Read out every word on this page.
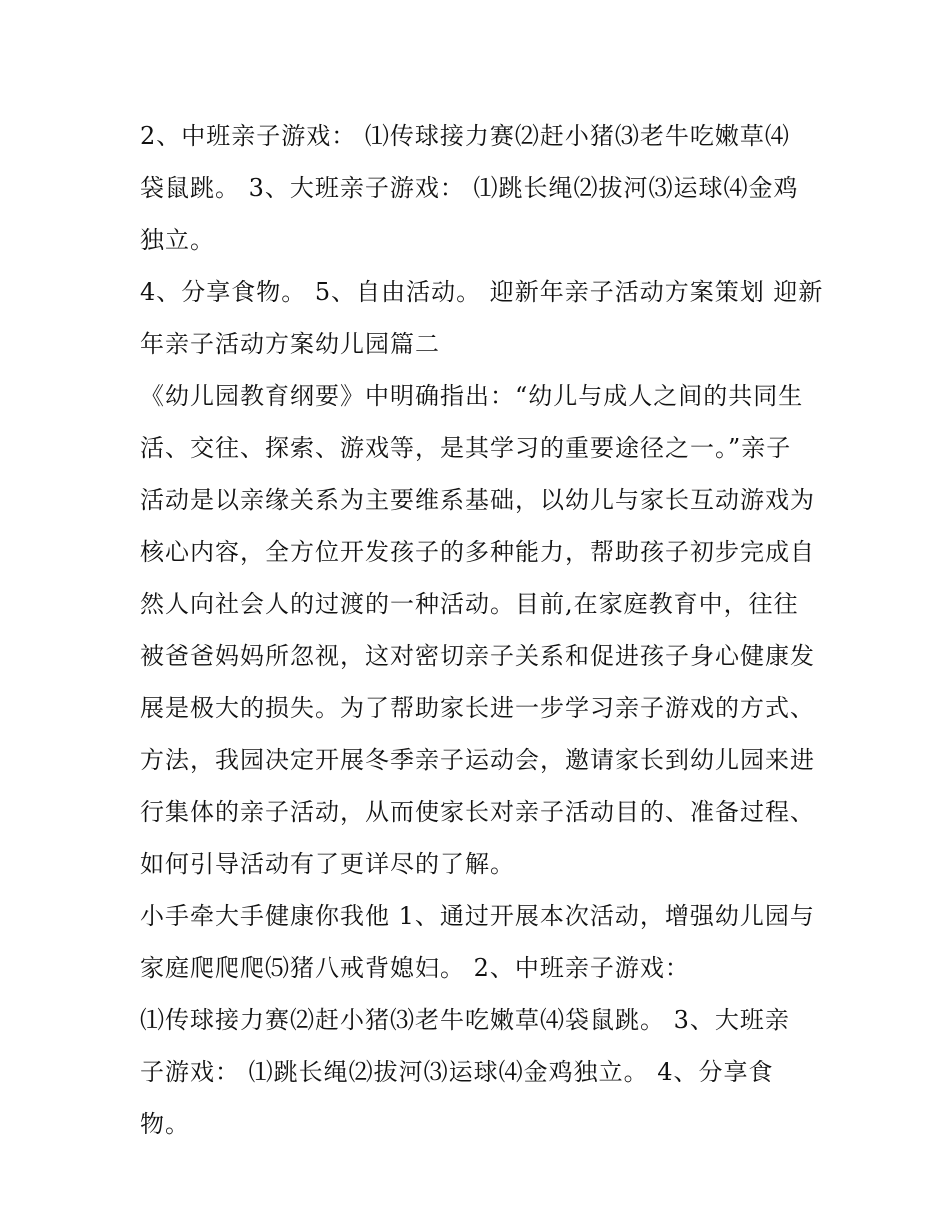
2、中班亲子游戏： ⑴传球接力赛⑵赶小猪⑶老牛吃嫩草⑷
袋鼠跳。 3、大班亲子游戏： ⑴跳长绳⑵拔河⑶运球⑷金鸡
独立。

4、分享食物。 5、自由活动。 迎新年亲子活动方案策划 迎新
年亲子活动方案幼儿园篇二

《幼儿园教育纲要》中明确指出：“幼儿与成人之间的共同生
活、交往、探索、游戏等，是其学习的重要途径之一。”亲子
活动是以亲缘关系为主要维系基础，以幼儿与家长互动游戏为
核心内容，全方位开发孩子的多种能力，帮助孩子初步完成自
然人向社会人的过渡的一种活动。目前,在家庭教育中，往往
被爸爸妈妈所忽视，这对密切亲子关系和促进孩子身心健康发
展是极大的损失。为了帮助家长进一步学习亲子游戏的方式、
方法，我园决定开展冬季亲子运动会，邀请家长到幼儿园来进
行集体的亲子活动，从而使家长对亲子活动目的、准备过程、
如何引导活动有了更详尽的了解。

小手牵大手健康你我他 1、通过开展本次活动，增强幼儿园与
家庭爬爬爬⑸猪八戒背媳妇。 2、中班亲子游戏：
⑴传球接力赛⑵赶小猪⑶老牛吃嫩草⑷袋鼠跳。 3、大班亲
子游戏： ⑴跳长绳⑵拔河⑶运球⑷金鸡独立。 4、分享食
物。
